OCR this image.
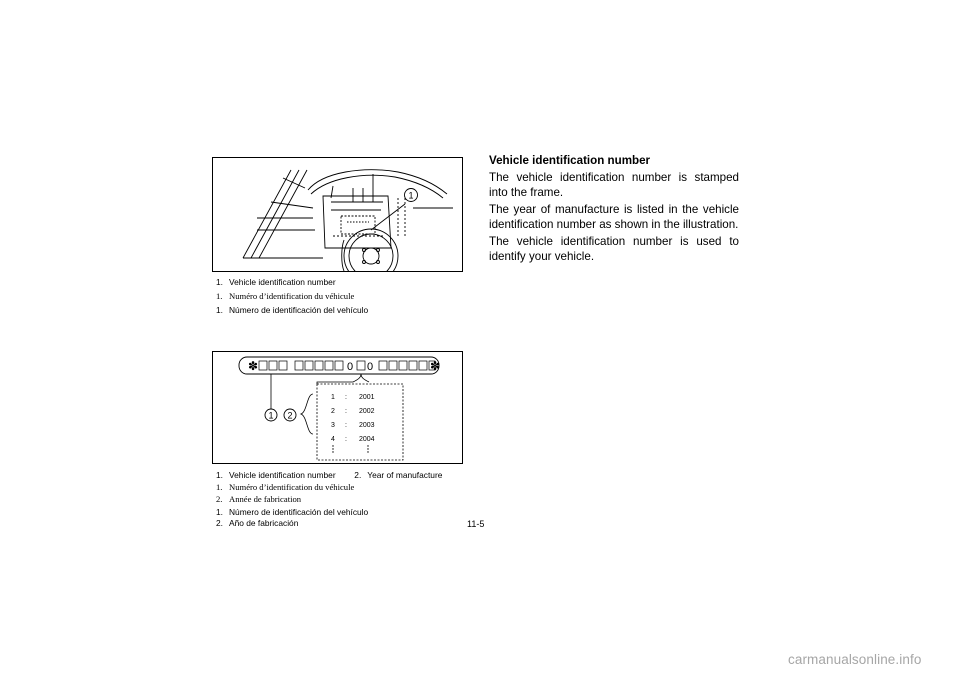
1
1. Vehicle identification number
1. Numéro d’identification du véhicule
1. Número de identificación del vehículo
✽	0 0	✽
1 2
1 : 2001
2 : 2002
3 : 2003
4 : 2004
1. Vehicle identification number 2. Year of manufacture
1. Numéro d’identification du véhicule
2. Année de fabrication
1. Número de identificación del vehículo
2. Año de fabricación
Vehicle identification number
The vehicle identification number is stamped into the frame.
The year of manufacture is listed in the vehicle identification number as shown in the illustration.
The vehicle identification number is used to identify your vehicle.
11-5
carmanualsonline.info
